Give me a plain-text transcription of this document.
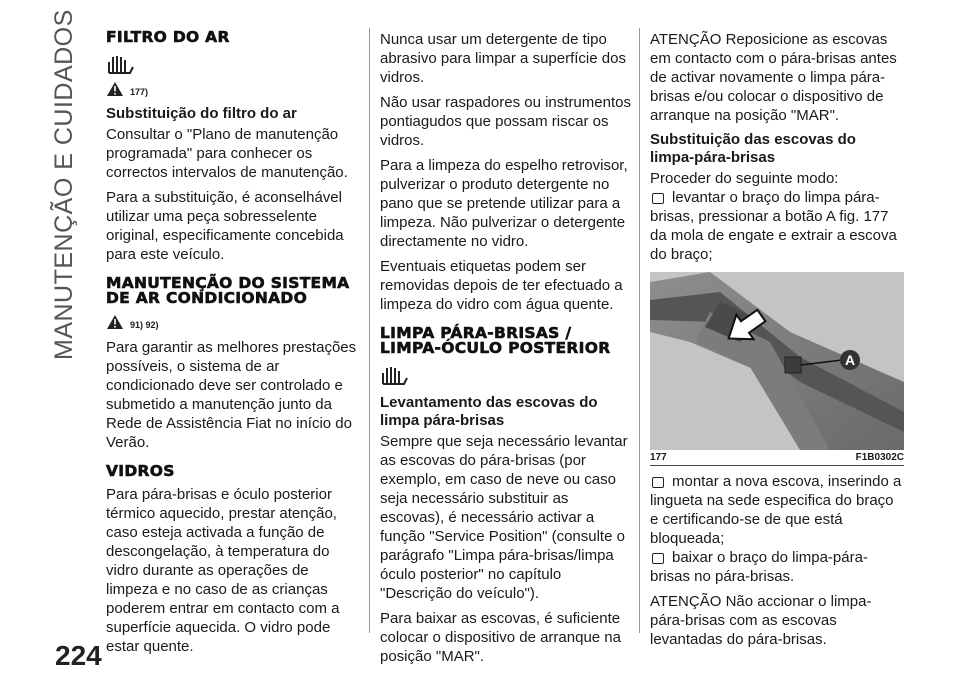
MANUTENÇÃO E CUIDADOS
224
FILTRO DO AR
177)
Substituição do filtro do ar

Consultar o "Plano de manutenção programada" para conhecer os correctos intervalos de manutenção.

Para a substituição, é aconselhável utilizar uma peça sobresselente original, especificamente concebida para este veículo.

MANUTENÇÃO DO SISTEMA DE AR CONDICIONADO
91) 92)

Para garantir as melhores prestações possíveis, o sistema de ar condicionado deve ser controlado e submetido a manutenção junto da Rede de Assistência Fiat no início do Verão.

VIDROS

Para pára-brisas e óculo posterior térmico aquecido, prestar atenção, caso esteja activada a função de descongelação, à temperatura do vidro durante as operações de limpeza e no caso de as crianças poderem entrar em contacto com a superfície aquecida. O vidro pode estar quente.

Nunca usar um detergente de tipo abrasivo para limpar a superfície dos vidros.

Não usar raspadores ou instrumentos pontiagudos que possam riscar os vidros.

Para a limpeza do espelho retrovisor, pulverizar o produto detergente no pano que se pretende utilizar para a limpeza. Não pulverizar o detergente directamente no vidro.

Eventuais etiquetas podem ser removidas depois de ter efectuado a limpeza do vidro com água quente.

LIMPA PÁRA-BRISAS / LIMPA-ÓCULO POSTERIOR
Levantamento das escovas do limpa pára-brisas

Sempre que seja necessário levantar as escovas do pára-brisas (por exemplo, em caso de neve ou caso seja necessário substituir as escovas), é necessário activar a função "Service Position" (consulte o parágrafo "Limpa pára-brisas/limpa óculo posterior" no capítulo "Descrição do veículo").

Para baixar as escovas, é suficiente colocar o dispositivo de arranque na posição "MAR".

ATENÇÃO Reposicione as escovas em contacto com o pára-brisas antes de activar novamente o limpa pára-brisas e/ou colocar o dispositivo de arranque na posição "MAR".

Substituição das escovas do limpa-pára-brisas

Proceder do seguinte modo:

levantar o braço do limpa pára-brisas, pressionar a botão A fig. 177 da mola de engate e extrair a escova do braço;

A
177	F1B0302C

montar a nova escova, inserindo a lingueta na sede especifica do braço e certificando-se de que está bloqueada;

baixar o braço do limpa-pára-brisas no pára-brisas.

ATENÇÃO Não accionar o limpa-pára-brisas com as escovas levantadas do pára-brisas.
